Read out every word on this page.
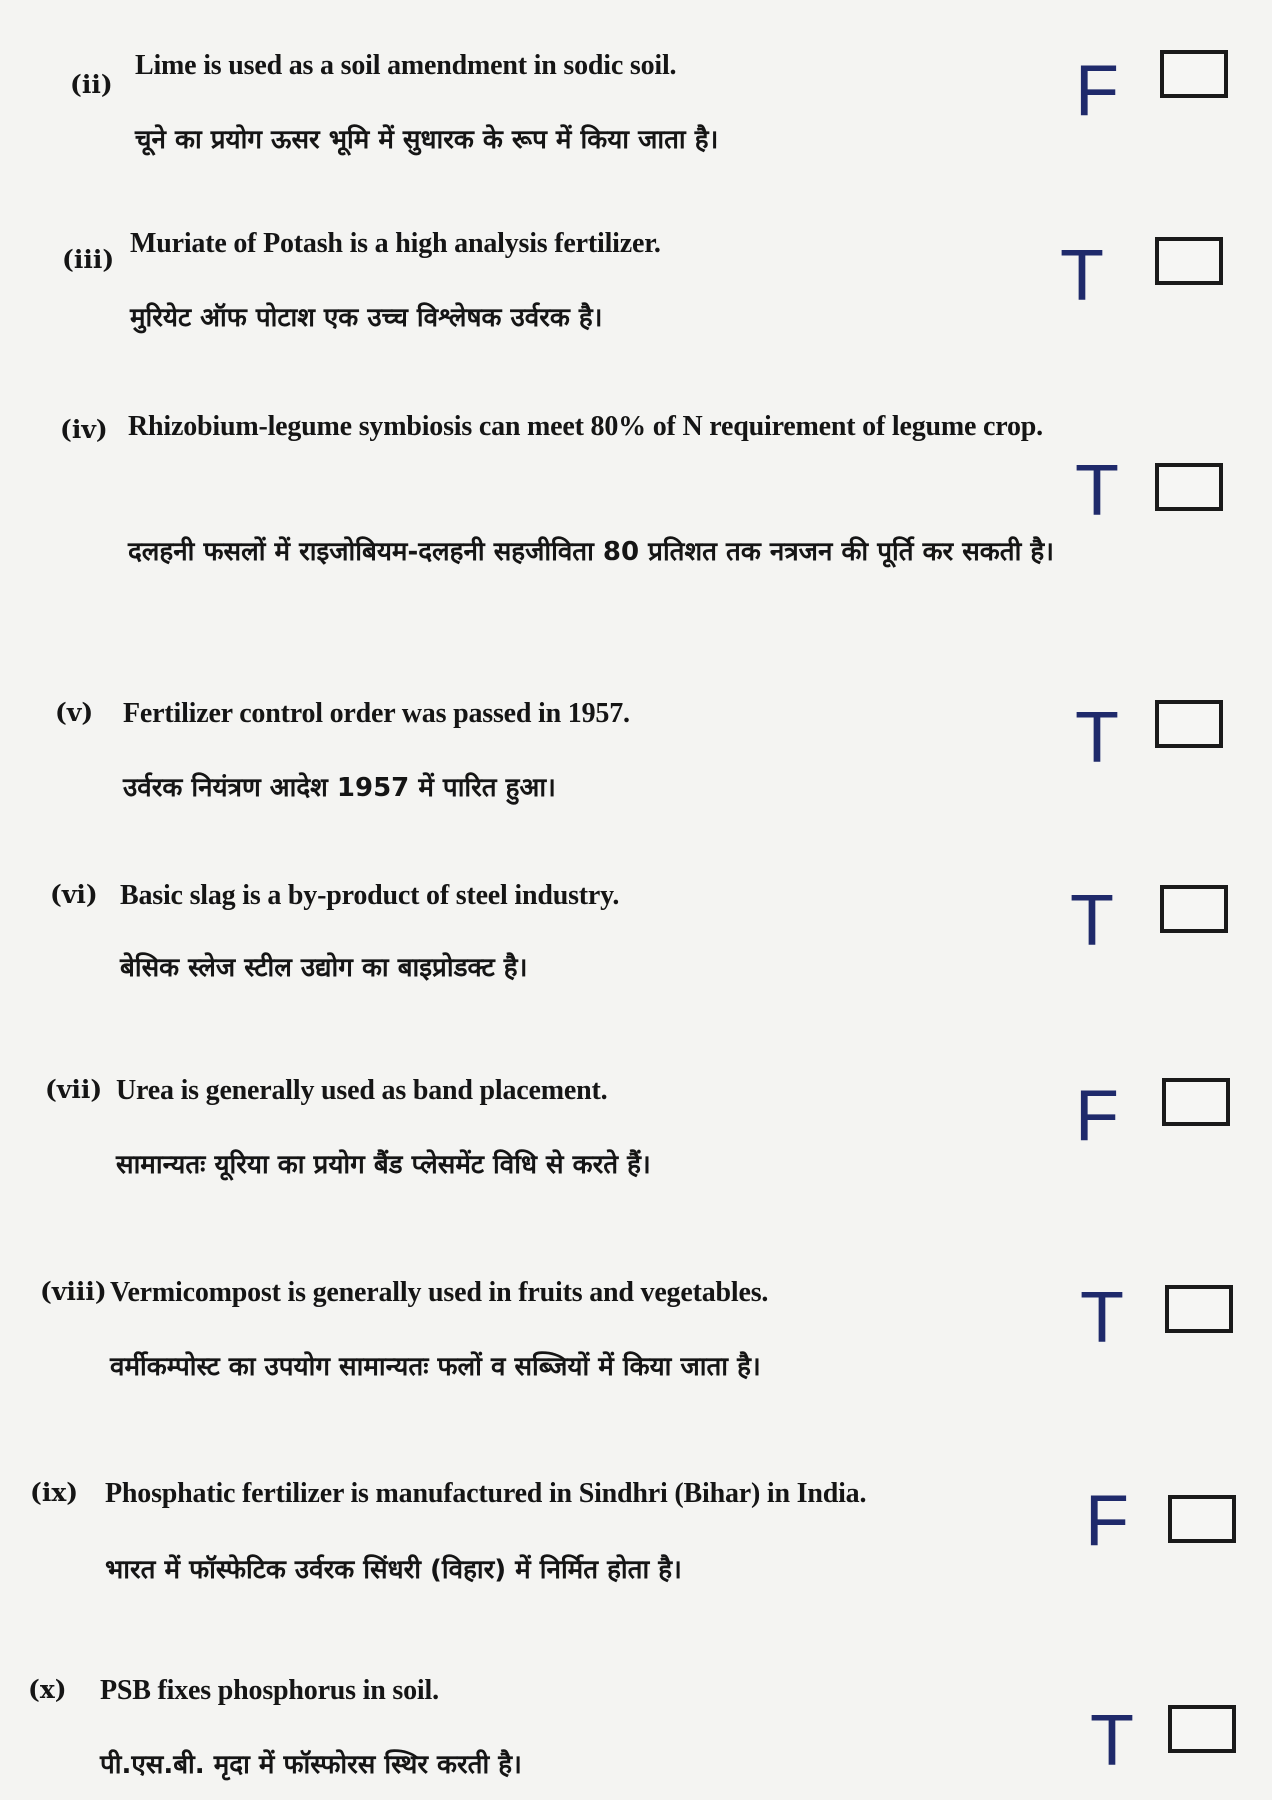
(ii)
Lime is used as a soil amendment in sodic soil.
चूने का प्रयोग ऊसर भूमि में सुधारक के रूप में किया जाता है।
F
(iii)
Muriate of Potash is a high analysis fertilizer.
मुरियेट ऑफ पोटाश एक उच्च विश्लेषक उर्वरक है।
T
(iv) Rhizobium-legume symbiosis can meet 80% of N requirement of legume crop.
दलहनी फसलों में राइजोबियम-दलहनी सहजीविता 80 प्रतिशत तक नत्रजन की पूर्ति कर सकती है।
T
(v) Fertilizer control order was passed in 1957.
उर्वरक नियंत्रण आदेश 1957 में पारित हुआ।
T
(vi) Basic slag is a by-product of steel industry.
बेसिक स्लेज स्टील उद्योग का बाइप्रोडक्ट है।
T
(vii) Urea is generally used as band placement.
सामान्यतः यूरिया का प्रयोग बैंड प्लेसमेंट विधि से करते हैं।
F
(viii) Vermicompost is generally used in fruits and vegetables.
वर्मीकम्पोस्ट का उपयोग सामान्यतः फलों व सब्जियों में किया जाता है।
T
(ix) Phosphatic fertilizer is manufactured in Sindhri (Bihar) in India.
भारत में फॉस्फेटिक उर्वरक सिंधरी (विहार) में निर्मित होता है।
F
(x) PSB fixes phosphorus in soil.
पी.एस.बी. मृदा में फॉस्फोरस स्थिर करती है।	T
